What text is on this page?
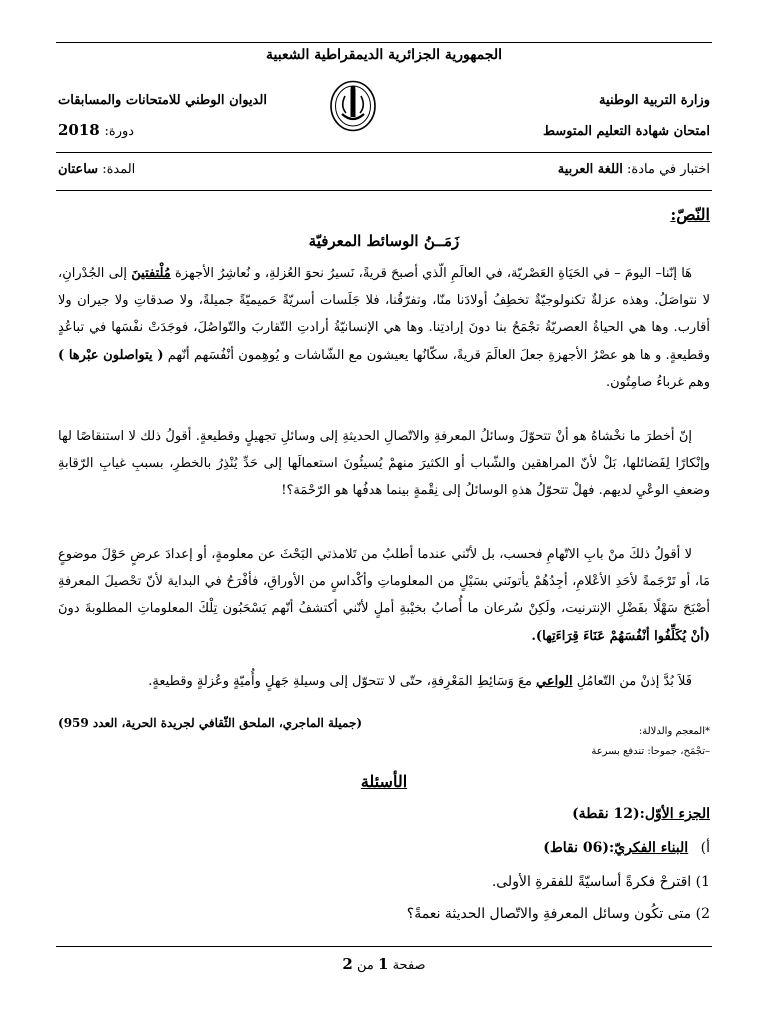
الجمهورية الجزائرية الديمقراطية الشعبية
وزارة التربية الوطنية
الديوان الوطني للامتحانات والمسابقات
امتحان شهادة التعليم المتوسط
دورة: 2018
اختبار في مادة: اللغة العربية
المدة: ساعتان
النّصّ:
زَمَــنُ الوسائط المعرفيّة
هَا إنّنا– اليومَ – في الحَيَاةِ العَصْريّة، في العالَمِ الّذي أصبحَ قريةً، نَسيرُ نحوَ العُزلةِ، و نُعاشِرُ الأجهزة مُلْتفتينَ إلى الجُدْرانِ، لا نتواصَلُ. وهذه عزلةٌ تكنولوجيّةٌ تخطِفُ أولادَنا منّا، وتفرّقُنا، فلا جَلَسات أسريّةً حَميميّةً جميلةً، ولا صدقاتِ ولا جيران ولا أقارب. وها هي الحياةُ العصريّةُ تجْمَحُ بنا دونَ إرادتِنا. وها هي الإنسانيّةُ أرادتِ التّقاربَ والتّواصُلَ، فوجَدَتْ نفْسَها في تباعُدٍ وقطيعةٍ. و ها هو عصْرُ الأجهزةِ جعلَ العالَمَ قريةً، سكّانُها يعيشون مع الشّاشات و يُوهِمون أنْفُسَهم أنّهم ( يتواصلون عبْرها ) وهم غرباءُ صامِتُون.
إنّ أخطرَ ما نخْشاهُ هو أنْ تتحوّلَ وسائلُ المعرفةِ والاتّصالِ الحديثةِ إلى وسائلِ تجهيلٍ وقطيعةٍ. أقولُ ذلك لا استنقاصًا لها وإنْكارًا لِفَضائلها، بَلْ لأنّ المراهقين والشّباب أو الكثيرَ منهمْ يُسيئُونَ استعمالَها إلى حَدِّ يُنْذِرُ بالخطرِ، بسببِ غيابِ الرّقابةِ وضعفِ الوعْيِ لديهم. فهلْ تتحوّلُ هذهِ الوسائلُ إلى نِقْمةٍ بينما هدفُها هو الرّحْمَة؟!
لا أقولُ ذلكَ منْ بابِ الاتّهامِ فحسب، بل لأنّني عندما أطلبُ من تَلامذتي البَحْثَ عن معلومةٍ، أو إعدادَ عرضٍ حَوْلَ موضوعٍ مَا، أو تَرْجَمةً لأحَدِ الأعْلامِ، أجِدُهُمْ يأتونَني بسَيْلٍ من المعلوماتِ وأكْداسٍ من الأوراقِ، فأفْرَحُ في البداية لأنّ تحْصيلَ المعرفةِ أصْبَحَ سَهْلًا بفَضْلِ الإنترنيت، ولَكِنْ سُرعان ما أُصابُ بخيْبةِ أملٍ لأنّني أكتشفُ أنّهم يَسْحَبُون تِلْكَ المعلوماتِ المطلوبةَ دونَ (أنْ يُكَلِّفُوا أنْفُسَهُمْ عَنَاءَ قِرَاءَتِها).
فَلاَ بُدَّ إذنْ من التّعامُلِ الواعي معَ وَسَائِطِ المَعْرِفةِ، حتّى لا تتحوّل إلى وسيلةِ جَهلٍ وأُميّةٍ وعُزلةٍ وقطيعةٍ.
(جميلة الماجري، الملحق الثّقافي لجريدة الحرية، العدد 959)
*المعجم والدلالة:
–تجْمَح، جموحا: تندفع بسرعة
الأسئلة
الجزء الأوّل:(12 نقطة)
أ) البناء الفكريّ:(06 نقاط)
1) اقترحْ فكرةً أساسيّةً للفقرةِ الأولى.
2) متى تكُون وسائل المعرفةِ والاتّصال الحديثة نعمةً؟
صفحة 1 من 2
